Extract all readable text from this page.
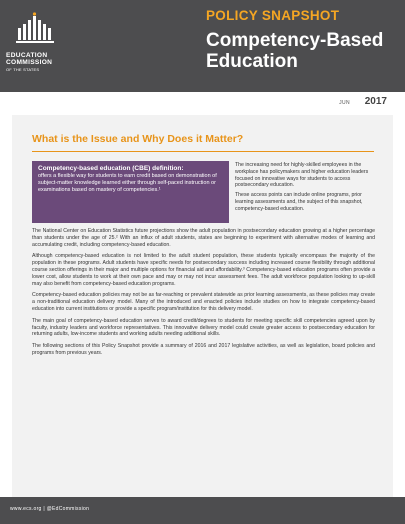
EDUCATION
COMMISSION
OF THE STATES
POLICY SNAPSHOT
Competency-Based Education
JUN 2017
What is the Issue and Why Does it Matter?
Competency-based education (CBE) definition:
offers a flexible way for students to earn credit based on demonstration of subject-matter knowledge learned either through self-paced instruction or examinations based on mastery of competencies.¹

The increasing need for highly-skilled employees in the workplace has policymakers and higher education leaders focused on innovative ways for students to access postsecondary education.

These access points can include online programs, prior learning assessments and, the subject of this snapshot, competency-based education.

The National Center on Education Statistics future projections show the adult population in postsecondary education growing at a higher percentage than students under the age of 25.² With an influx of adult students, states are beginning to experiment with alternative modes of learning and accumulating credit, including competency-based education.

Although competency-based education is not limited to the adult student population, these students typically encompass the majority of the population in these programs. Adult students have specific needs for postsecondary success including increased course flexibility through additional course section offerings in their major and multiple options for financial aid and affordability.³ Competency-based education programs often provide a lower cost, allow students to work at their own pace and may or may not incur assessment fees. The adult workforce population looking to up-skill may also benefit from competency-based education programs.

Competency-based education policies may not be as far-reaching or prevalent statewide as prior learning assessments, as these policies may create a non-traditional education delivery model. Many of the introduced and enacted policies include studies on how to integrate competency-based education into current institutions or provide a specific program/institution for this delivery model.

The main goal of competency-based education serves to award credit/degrees to students for meeting specific skill competencies agreed upon by faculty, industry leaders and workforce representatives. This innovative delivery model could create greater access to postsecondary education for returning adults, low-income students and working adults needing additional skills.

The following sections of this Policy Snapshot provide a summary of 2016 and 2017 legislative activities, as well as legislation, board policies and programs from previous years.

www.ecs.org | @EdCommission
